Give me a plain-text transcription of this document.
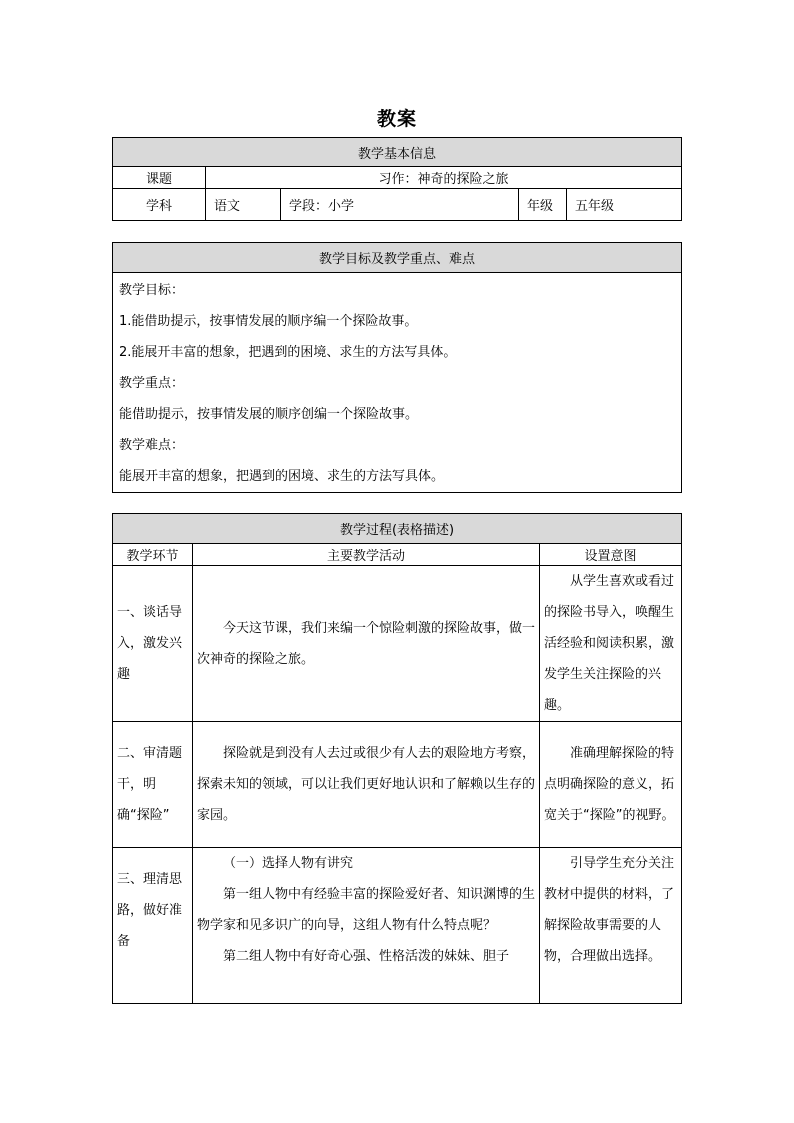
教案
教学基本信息				
课题	习作：神奇的探险之旅			
学科	语文	学段：小学	年级	五年级
教学目标及教学重点、难点

教学目标：

1.能借助提示，按事情发展的顺序编一个探险故事。

2.能展开丰富的想象，把遇到的困境、求生的方法写具体。

教学重点：

能借助提示，按事情发展的顺序创编一个探险故事。

教学难点：

能展开丰富的想象，把遇到的困境、求生的方法写具体。

教学过程(表格描述)		
教学环节	主要教学活动	设置意图
一、谈话导入，激发兴趣	今天这节课，我们来编一个惊险刺激的探险故事，做一次神奇的探险之旅。	从学生喜欢或看过的探险书导入，唤醒生活经验和阅读积累，激发学生关注探险的兴趣。
二、审清题干，明确“探险”	探险就是到没有人去过或很少有人去的艰险地方考察，探索未知的领域，可以让我们更好地认识和了解赖以生存的家园。	准确理解探险的特点明确探险的意义，拓宽关于“探险”的视野。
三、理清思路，做好准备	（一）选择人物有讲究
第一组人物中有经验丰富的探险爱好者、知识渊博的生物学家和见多识广的向导，这组人物有什么特点呢？
第二组人物中有好奇心强、性格活泼的妹妹、胆子	引导学生充分关注教材中提供的材料，了解探险故事需要的人物，合理做出选择。
